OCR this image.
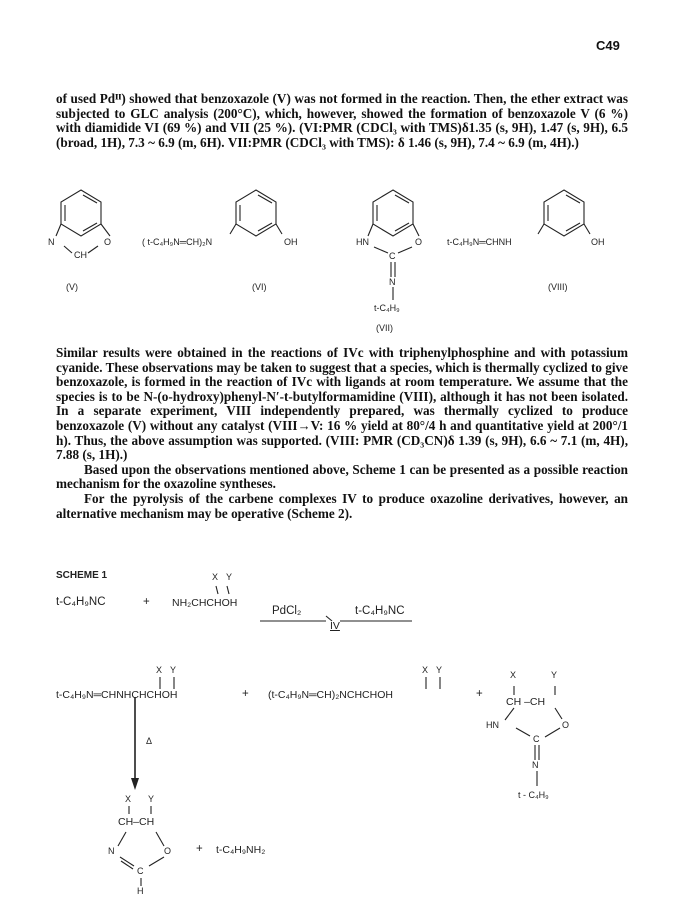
C49

of used Pdᴵᴵ) showed that benzoxazole (V) was not formed in the reaction. Then, the ether extract was subjected to GLC analysis (200°C), which, however, showed the formation of benzoxazole V (6 %) with diamidide VI (69 %) and VII (25 %). (VI:PMR (CDCl₃ with TMS)δ1.35 (s, 9H), 1.47 (s, 9H), 6.5 (broad, 1H), 7.3 ~ 6.9 (m, 6H). VII:PMR (CDCl₃ with TMS): δ 1.46 (s, 9H), 7.4 ~ 6.9 (m, 4H).)

N	O
CH
(V)
( t-C₄H₉N═CH)₂N	OH
(VI)
HN	O
C
N
t-C₄H₉
(VII)
t-C₄H₉N═CHNH	OH
(VIII)

Similar results were obtained in the reactions of IVc with triphenylphosphine and with potassium cyanide. These observations may be taken to suggest that a species, which is thermally cyclized to give benzoxazole, is formed in the reaction of IVc with ligands at room temperature. We assume that the species is to be N-(o-hydroxy)phenyl-N′-t-butylformamidine (VIII), although it has not been isolated. In a separate experiment, VIII independently prepared, was thermally cyclized to produce benzoxazole (V) without any catalyst (VIII→V: 16 % yield at 80°/4 h and quantitative yield at 200°/1 h). Thus, the above assumption was supported. (VIII: PMR (CD₃CN)δ 1.39 (s, 9H), 6.6 ~ 7.1 (m, 4H), 7.88 (s, 1H).)

Based upon the observations mentioned above, Scheme 1 can be presented as a possible reaction mechanism for the oxazoline syntheses.

For the pyrolysis of the carbene complexes IV to produce oxazoline derivatives, however, an alternative mechanism may be operative (Scheme 2).

SCHEME 1	X Y
t-C₄H₉NC	+ NH₂CHCHOH
PdCl₂
IV
t-C₄H₉NC
X Y
t-C₄H₉N═CHNHCHCHOH	+
X Y
(t-C₄H₉N═CH)₂NCHCHOH	+
X	Y
CH –CH
HN	O
C
N
t - C₄H₉
Δ
X Y
CH–CH
N	O
C
H
+ t-C₄H₉NH₂
